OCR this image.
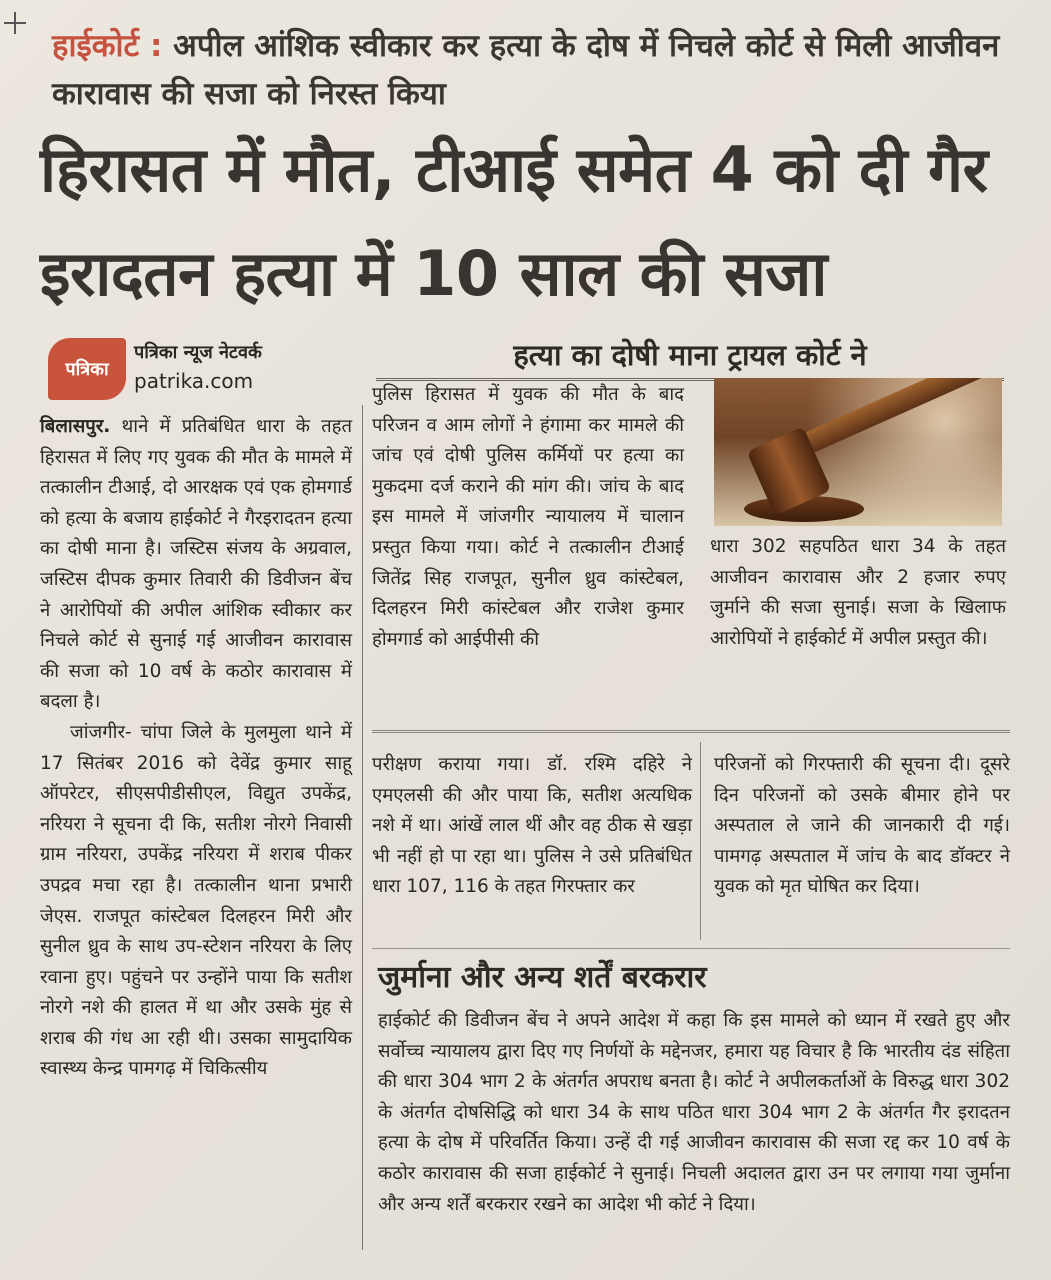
हाईकोर्ट : अपील आंशिक स्वीकार कर हत्या के दोष में निचले कोर्ट से मिली आजीवन कारावास की सजा को निरस्त किया
हिरासत में मौत, टीआई समेत 4 को दी गैर इरादतन हत्या में 10 साल की सजा
पत्रिका
पत्रिका न्यूज नेटवर्क
patrika.com
हत्या का दोषी माना ट्रायल कोर्ट ने

बिलासपुर. थाने में प्रतिबंधित धारा के तहत हिरासत में लिए गए युवक की मौत के मामले में तत्कालीन टीआई, दो आरक्षक एवं एक होमगार्ड को हत्या के बजाय हाईकोर्ट ने गैरइरादतन हत्या का दोषी माना है। जस्टिस संजय के अग्रवाल, जस्टिस दीपक कुमार तिवारी की डिवीजन बेंच ने आरोपियों की अपील आंशिक स्वीकार कर निचले कोर्ट से सुनाई गई आजीवन कारावास की सजा को 10 वर्ष के कठोर कारावास में बदला है।

जांजगीर- चांपा जिले के मुलमुला थाने में 17 सितंबर 2016 को देवेंद्र कुमार साहू ऑपरेटर, सीएसपीडीसीएल, विद्युत उपकेंद्र, नरियरा ने सूचना दी कि, सतीश नोरगे निवासी ग्राम नरियरा, उपकेंद्र नरियरा में शराब पीकर उपद्रव मचा रहा है। तत्कालीन थाना प्रभारी जेएस. राजपूत कांस्टेबल दिलहरन मिरी और सुनील ध्रुव के साथ उप-स्टेशन नरियरा के लिए रवाना हुए। पहुंचने पर उन्होंने पाया कि सतीश नोरगे नशे की हालत में था और उसके मुंह से शराब की गंध आ रही थी। उसका सामुदायिक स्वास्थ्य केन्द्र पामगढ़ में चिकित्सीय

पुलिस हिरासत में युवक की मौत के बाद परिजन व आम लोगों ने हंगामा कर मामले की जांच एवं दोषी पुलिस कर्मियों पर हत्या का मुकदमा दर्ज कराने की मांग की। जांच के बाद इस मामले में जांजगीर न्यायालय में चालान प्रस्तुत किया गया। कोर्ट ने तत्कालीन टीआई जितेंद्र सिह राजपूत, सुनील ध्रुव कांस्टेबल, दिलहरन मिरी कांस्टेबल और राजेश कुमार होमगार्ड को आईपीसी की

धारा 302 सहपठित धारा 34 के तहत आजीवन कारावास और 2 हजार रुपए जुर्माने की सजा सुनाई। सजा के खिलाफ आरोपियों ने हाईकोर्ट में अपील प्रस्तुत की।

परीक्षण कराया गया। डॉ. रश्मि दहिरे ने एमएलसी की और पाया कि, सतीश अत्यधिक नशे में था। आंखें लाल थीं और वह ठीक से खड़ा भी नहीं हो पा रहा था। पुलिस ने उसे प्रतिबंधित धारा 107, 116 के तहत गिरफ्तार कर

परिजनों को गिरफ्तारी की सूचना दी। दूसरे दिन परिजनों को उसके बीमार होने पर अस्पताल ले जाने की जानकारी दी गई। पामगढ़ अस्पताल में जांच के बाद डॉक्टर ने युवक को मृत घोषित कर दिया।

जुर्माना और अन्य शर्तें बरकरार

हाईकोर्ट की डिवीजन बेंच ने अपने आदेश में कहा कि इस मामले को ध्यान में रखते हुए और सर्वोच्च न्यायालय द्वारा दिए गए निर्णयों के मद्देनजर, हमारा यह विचार है कि भारतीय दंड संहिता की धारा 304 भाग 2 के अंतर्गत अपराध बनता है। कोर्ट ने अपीलकर्ताओं के विरुद्ध धारा 302 के अंतर्गत दोषसिद्धि को धारा 34 के साथ पठित धारा 304 भाग 2 के अंतर्गत गैर इरादतन हत्या के दोष में परिवर्तित किया। उन्हें दी गई आजीवन कारावास की सजा रद्द कर 10 वर्ष के कठोर कारावास की सजा हाईकोर्ट ने सुनाई। निचली अदालत द्वारा उन पर लगाया गया जुर्माना और अन्य शर्तें बरकरार रखने का आदेश भी कोर्ट ने दिया।
